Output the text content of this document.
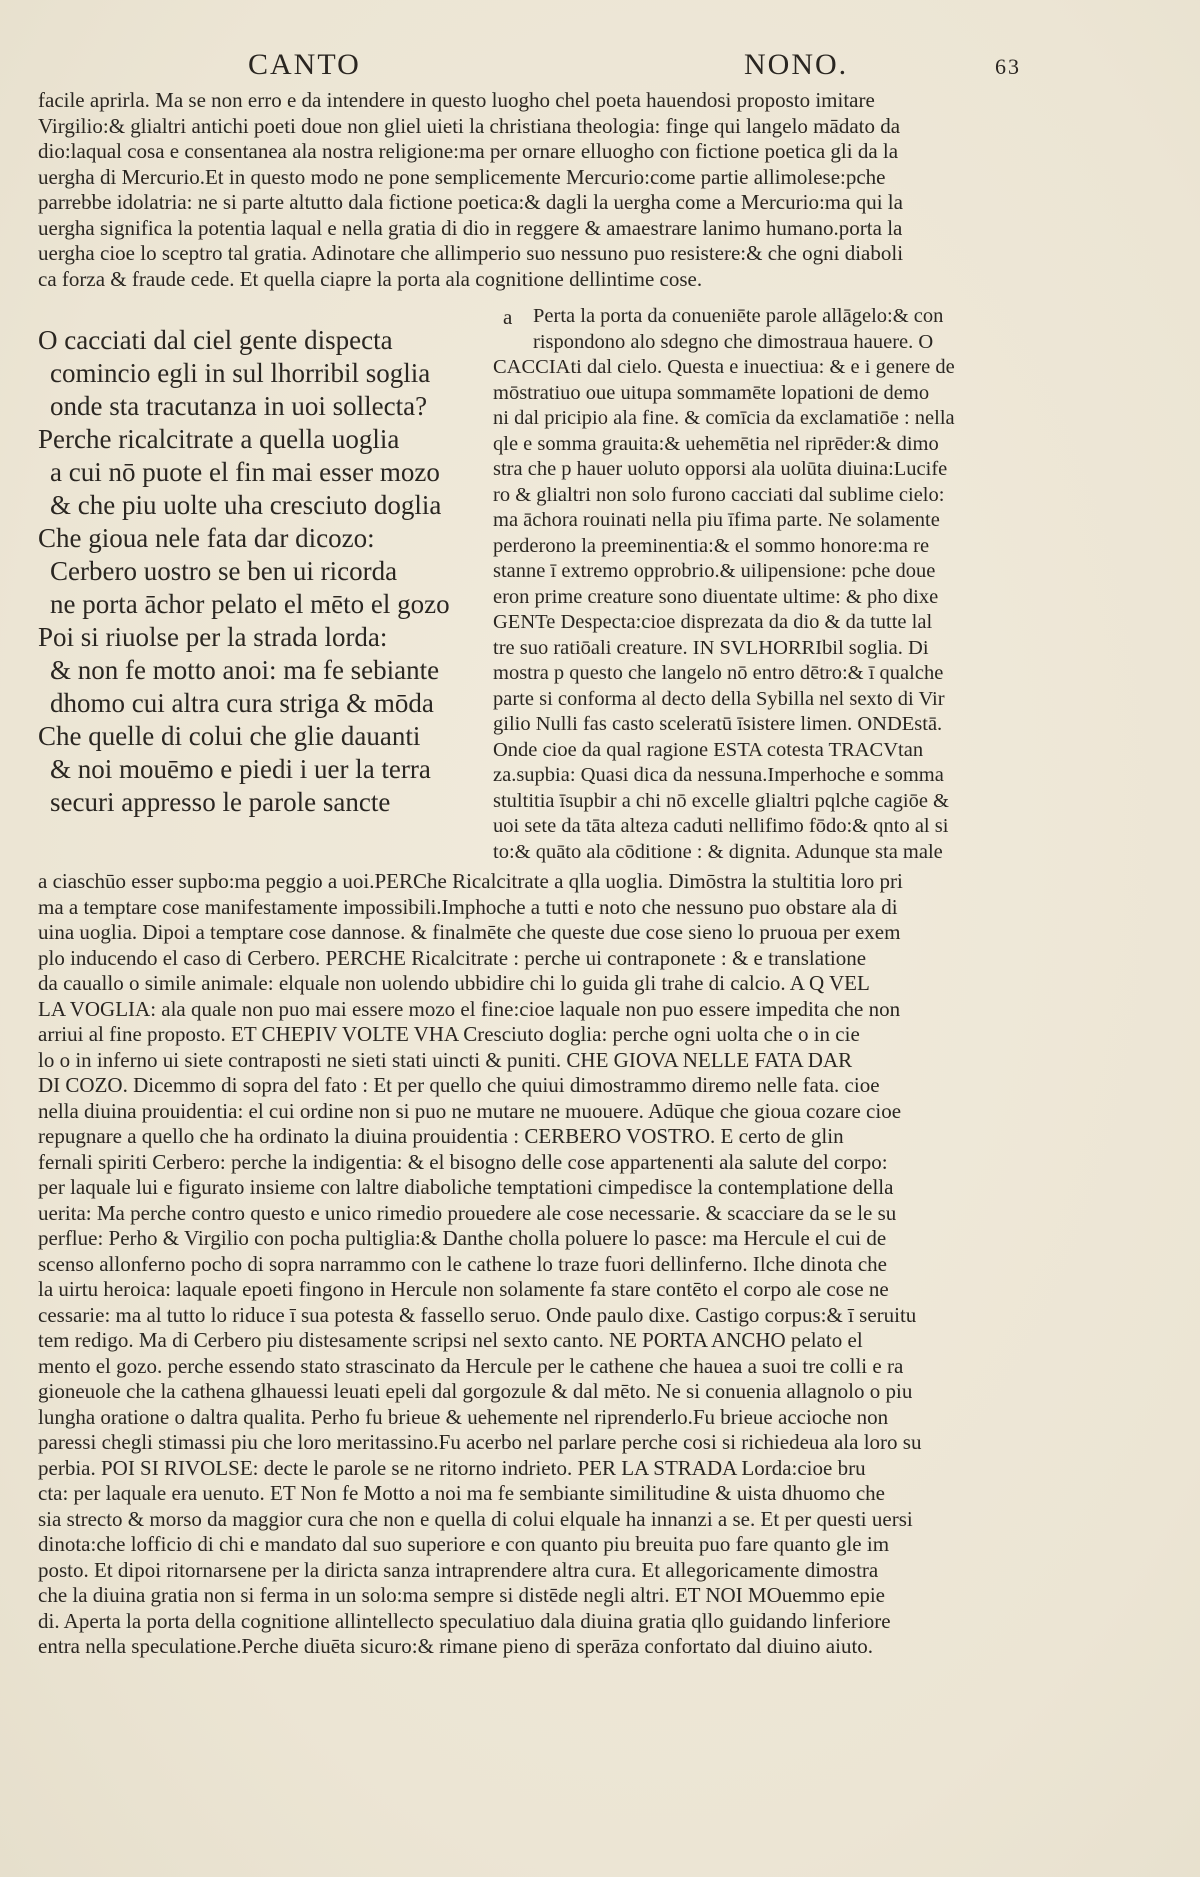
CANTO	NONO.	63
facile aprirla. Ma se non erro e da intendere in questo luogho chel poeta hauendosi proposto imitare
Virgilio:& glialtri antichi poeti doue non gliel uieti la christiana theologia: finge qui langelo mādato da
dio:laqual cosa e consentanea ala nostra religione:ma per ornare elluogho con fictione poetica gli da la
uergha di Mercurio.Et in questo modo ne pone semplicemente Mercurio:come partie allimolese:pche
parrebbe idolatria: ne si parte altutto dala fictione poetica:& dagli la uergha come a Mercurio:ma qui la
uergha significa la potentia laqual e nella gratia di dio in reggere & amaestrare lanimo humano.porta la
uergha cioe lo sceptro tal gratia. Adinotare che allimperio suo nessuno puo resistere:& che ogni diaboli
ca forza & fraude cede. Et quella ciapre la porta ala cognitione dellintime cose.
O cacciati dal ciel gente dispecta
comincio egli in sul lhorribil soglia
onde sta tracutanza in uoi sollecta?
Perche ricalcitrate a quella uoglia
a cui nō puote el fin mai esser mozo
& che piu uolte uha cresciuto doglia
Che gioua nele fata dar dicozo:
Cerbero uostro se ben ui ricorda
ne porta āchor pelato el mēto el gozo
Poi si riuolse per la strada lorda:
& non fe motto anoi: ma fe sebiante
dhomo cui altra cura striga & mōda
Che quelle di colui che glie dauanti
& noi mouēmo e piedi i uer la terra
securi appresso le parole sancte
a	Perta la porta da conueniēte parole allāgelo:& con
rispondono alo sdegno che dimostraua hauere. O
CACCIAti dal cielo. Questa e inuectiua: & e i genere de
mōstratiuo oue uitupa sommamēte lopationi de demo
ni dal pricipio ala fine. & comīcia da exclamatiōe : nella
qle e somma grauita:& uehemētia nel riprēder:& dimo
stra che p hauer uoluto opporsi ala uolūta diuina:Lucife
ro & glialtri non solo furono cacciati dal sublime cielo:
ma āchora rouinati nella piu īfima parte. Ne solamente
perderono la preeminentia:& el sommo honore:ma re
stanne ī extremo opprobrio.& uilipensione: pche doue
eron prime creature sono diuentate ultime: & pho dixe
GENTe Despecta:cioe disprezata da dio & da tutte lal
tre suo ratiōali creature. IN SVLHORRIbil soglia. Di
mostra p questo che langelo nō entro dētro:& ī qualche
parte si conforma al decto della Sybilla nel sexto di Vir
gilio Nulli fas casto sceleratū īsistere limen. ONDEstā.
Onde cioe da qual ragione ESTA cotesta TRACVtan
za.supbia: Quasi dica da nessuna.Imperhoche e somma
stultitia īsupbir a chi nō excelle glialtri pqlche cagiōe &
uoi sete da tāta alteza caduti nellifimo fōdo:& qnto al si
to:& quāto ala cōditione : & dignita. Adunque sta male
a ciaschūo esser supbo:ma peggio a uoi.PERChe Ricalcitrate a qlla uoglia. Dimōstra la stultitia loro pri
ma a temptare cose manifestamente impossibili.Imphoche a tutti e noto che nessuno puo obstare ala di
uina uoglia. Dipoi a temptare cose dannose. & finalmēte che queste due cose sieno lo pruoua per exem
plo inducendo el caso di Cerbero. PERCHE Ricalcitrate : perche ui contraponete : & e translatione
da cauallo o simile animale: elquale non uolendo ubbidire chi lo guida gli trahe di calcio. A Q VEL
LA VOGLIA: ala quale non puo mai essere mozo el fine:cioe laquale non puo essere impedita che non
arriui al fine proposto. ET CHEPIV VOLTE VHA Cresciuto doglia: perche ogni uolta che o in cie
lo o in inferno ui siete contraposti ne sieti stati uincti & puniti. CHE GIOVA NELLE FATA DAR
DI COZO. Dicemmo di sopra del fato : Et per quello che quiui dimostrammo diremo nelle fata. cioe
nella diuina prouidentia: el cui ordine non si puo ne mutare ne muouere. Adūque che gioua cozare cioe
repugnare a quello che ha ordinato la diuina prouidentia : CERBERO VOSTRO. E certo de glin
fernali spiriti Cerbero: perche la indigentia: & el bisogno delle cose appartenenti ala salute del corpo:
per laquale lui e figurato insieme con laltre diaboliche temptationi cimpedisce la contemplatione della
uerita: Ma perche contro questo e unico rimedio prouedere ale cose necessarie. & scacciare da se le su
perflue: Perho & Virgilio con pocha pultiglia:& Danthe cholla poluere lo pasce: ma Hercule el cui de
scenso allonferno pocho di sopra narrammo con le cathene lo traze fuori dellinferno. Ilche dinota che
la uirtu heroica: laquale epoeti fingono in Hercule non solamente fa stare contēto el corpo ale cose ne
cessarie: ma al tutto lo riduce ī sua potesta & fassello seruo. Onde paulo dixe. Castigo corpus:& ī seruitu
tem redigo. Ma di Cerbero piu distesamente scripsi nel sexto canto. NE PORTA ANCHO pelato el
mento el gozo. perche essendo stato strascinato da Hercule per le cathene che hauea a suoi tre colli e ra
gioneuole che la cathena glhauessi leuati epeli dal gorgozule & dal mēto. Ne si conuenia allagnolo o piu
lungha oratione o daltra qualita. Perho fu brieue & uehemente nel riprenderlo.Fu brieue accioche non
paressi chegli stimassi piu che loro meritassino.Fu acerbo nel parlare perche cosi si richiedeua ala loro su
perbia. POI SI RIVOLSE: decte le parole se ne ritorno indrieto. PER LA STRADA Lorda:cioe bru
cta: per laquale era uenuto. ET Non fe Motto a noi ma fe sembiante similitudine & uista dhuomo che
sia strecto & morso da maggior cura che non e quella di colui elquale ha innanzi a se. Et per questi uersi
dinota:che lofficio di chi e mandato dal suo superiore e con quanto piu breuita puo fare quanto gle im
posto. Et dipoi ritornarsene per la diricta sanza intraprendere altra cura. Et allegoricamente dimostra
che la diuina gratia non si ferma in un solo:ma sempre si distēde negli altri. ET NOI MOuemmo epie
di. Aperta la porta della cognitione allintellecto speculatiuo dala diuina gratia qllo guidando linferiore
entra nella speculatione.Perche diuēta sicuro:& rimane pieno di sperāza confortato dal diuino aiuto.
